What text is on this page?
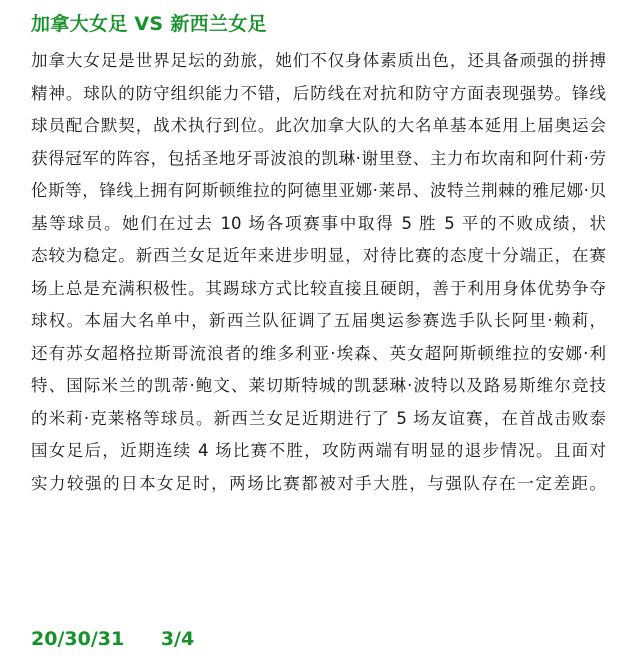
加拿大女足 VS 新西兰女足
加拿大女足是世界足坛的劲旅，她们不仅身体素质出色，还具备顽强的拼搏
精神。球队的防守组织能力不错，后防线在对抗和防守方面表现强势。锋线
球员配合默契，战术执行到位。此次加拿大队的大名单基本延用上届奥运会
获得冠军的阵容，包括圣地牙哥波浪的凯琳·谢里登、主力布坎南和阿什莉·劳
伦斯等，锋线上拥有阿斯顿维拉的阿德里亚娜·莱昂、波特兰荆棘的雅尼娜·贝
基等球员。她们在过去 10 场各项赛事中取得 5 胜 5 平的不败成绩，状
态较为稳定。新西兰女足近年来进步明显，对待比赛的态度十分端正，在赛
场上总是充满积极性。其踢球方式比较直接且硬朗，善于利用身体优势争夺
球权。本届大名单中，新西兰队征调了五届奥运参赛选手队长阿里·赖莉，
还有苏女超格拉斯哥流浪者的维多利亚·埃森、英女超阿斯顿维拉的安娜·利
特、国际米兰的凯蒂·鲍文、莱切斯特城的凯瑟琳·波特以及路易斯维尔竞技
的米莉·克莱格等球员。新西兰女足近期进行了 5 场友谊赛，在首战击败泰
国女足后，近期连续 4 场比赛不胜，攻防两端有明显的退步情况。且面对
实力较强的日本女足时，两场比赛都被对手大胜，与强队存在一定差距。
20/30/31 3/4
